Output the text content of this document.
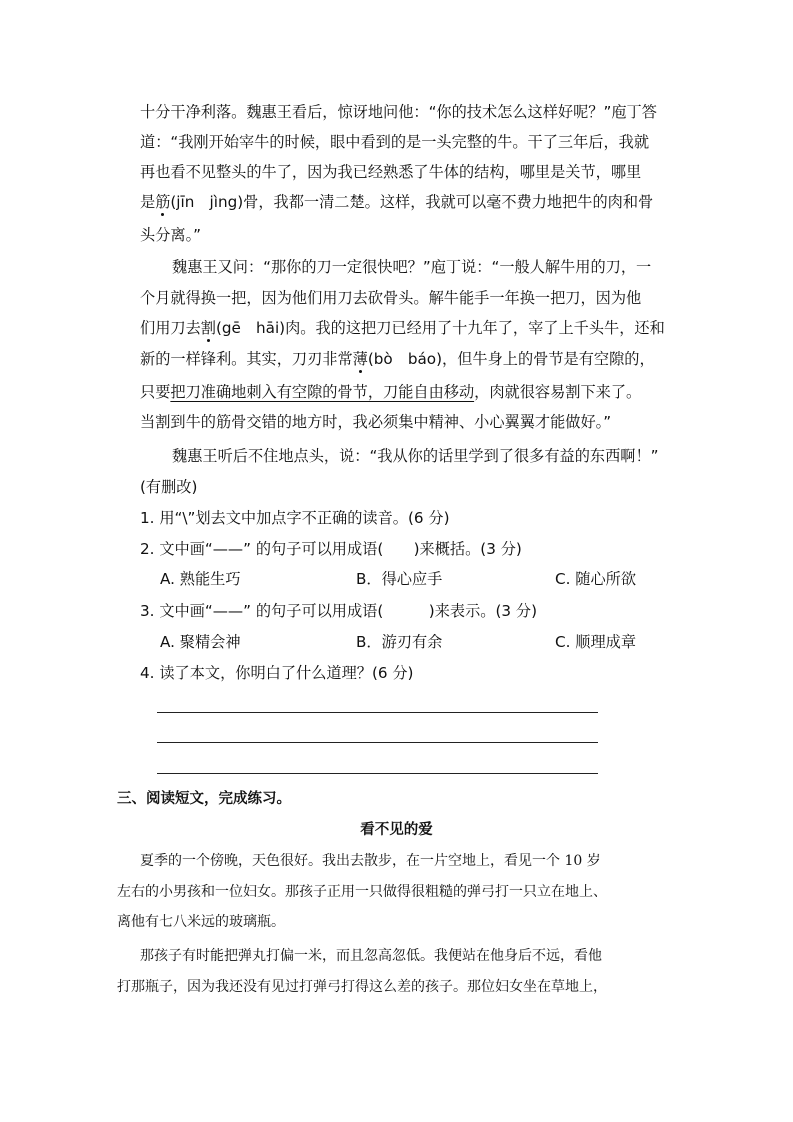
十分干净利落。魏惠王看后，惊讶地问他：“你的技术怎么这样好呢？”庖丁答
道：“我刚开始宰牛的时候，眼中看到的是一头完整的牛。干了三年后，我就
再也看不见整头的牛了，因为我已经熟悉了牛体的结构，哪里是关节，哪里
是筋(jīn　jìng)骨，我都一清二楚。这样，我就可以毫不费力地把牛的肉和骨
头分离。”
魏惠王又问：“那你的刀一定很快吧？”庖丁说：“一般人解牛用的刀，一
个月就得换一把，因为他们用刀去砍骨头。解牛能手一年换一把刀，因为他
们用刀去割(gē　hāi)肉。我的这把刀已经用了十九年了，宰了上千头牛，还和
新的一样锋利。其实，刀刃非常薄(bò　báo)，但牛身上的骨节是有空隙的，
只要把刀准确地刺入有空隙的骨节，刀能自由移动，肉就很容易割下来了。
当割到牛的筋骨交错的地方时，我必须集中精神、小心翼翼才能做好。”
魏惠王听后不住地点头，说：“我从你的话里学到了很多有益的东西啊！”
(有删改)
1. 用“\”划去文中加点字不正确的读音。(6 分)
2. 文中画“——” 的句子可以用成语(　　)来概括。(3 分)
A. 熟能生巧	B．得心应手	C. 随心所欲
3. 文中画“——” 的句子可以用成语(　　　)来表示。(3 分)
A. 聚精会神	B．游刃有余	C. 顺理成章
4. 读了本文，你明白了什么道理？(6 分)
三、阅读短文，完成练习。
看不见的爱
夏季的一个傍晚，天色很好。我出去散步，在一片空地上，看见一个 10 岁
左右的小男孩和一位妇女。那孩子正用一只做得很粗糙的弹弓打一只立在地上、
离他有七八米远的玻璃瓶。
那孩子有时能把弹丸打偏一米，而且忽高忽低。我便站在他身后不远，看他
打那瓶子，因为我还没有见过打弹弓打得这么差的孩子。那位妇女坐在草地上，
